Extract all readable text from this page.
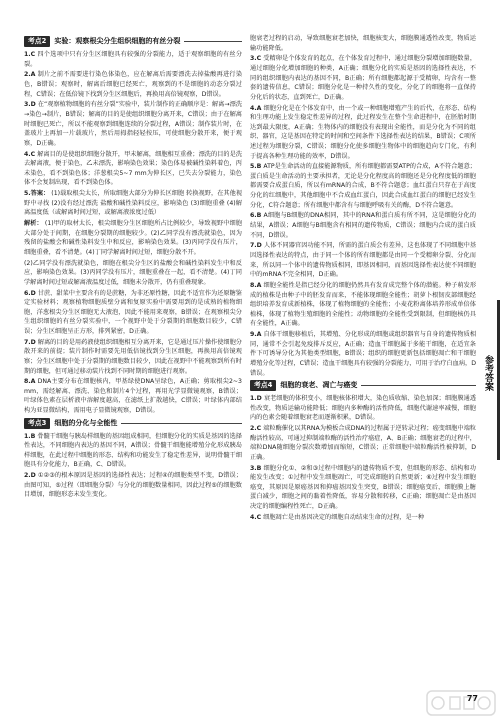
考点2	实验：观察根尖分生组织细胞的有丝分裂

1.C 四个选项中只有分生区细胞具有较强的分裂能力，适于观察细胞的有丝分裂。

2.A 制片之前不需要进行染色体染色，应在解离后需要漂洗去掉盐酸再进行染色，B错误；观察时，解离后细胞已经死亡，观察到的不是细胞的动态分裂过程，C错误；在低倍镜下找到分生区细胞后，再换用高倍镜观察，D错误。

3.D 在“观察植物细胞的有丝分裂”实验中，装片制作的正确顺序是：解离→漂洗→染色→制片，B错误；解离的目的是使组织细胞分离开来，C错误；由于在解离时细胞已死亡，所以不能观察到细胞连续的分裂过程，A错误；制作装片时，在盖玻片上再加一片载玻片，然后用拇指轻轻按压，可使细胞分散开来，便于观察，D正确。

4.C 解离目的是使组织细胞分散开，甲未解离，细胞相互重叠；漂洗的目的是洗去解离液，便于染色，乙未漂洗，影响染色效果；染色体易被碱性染料着色，丙未染色，看不到染色体；洋葱根尖5~7 mm为伸长区，已失去分裂能力，染色体不会复制出现，看不到染色体。

5.答案： (1)载取根尖太长，所取细胞大部分为伸长区细胞 转换视野，在其他视野中寻找 (2)没有经过漂洗 盐酸和碱性染料反应，影响染色 (3)细胞重叠 (4)解离温度低（或解离时间过短，或解离液浓度过低）

解析： (1)甲的取材太长，根尖细胞分生区细胞所占比例较少，导致视野中细胞大部分处于间期，在细胞分裂期的细胞较少。(2)乙同学没有漂洗就染色，因为残留的盐酸会和碱性染料发生中和反应，影响染色效果。(3)丙同学没有压片，细胞重叠，看不清楚。(4)丁同学解离时间过短，细胞分散不开。

(2)乙同学没有漂洗就染色，细胞在根尖分生区的盐酸会和碱性染料发生中和反应，影响染色效果。(3)丙同学没有压片，细胞重叠在一起，看不清楚。(4)丁同学解离时间过短或解离液温度过低，细胞未分散开，仍有重叠现象。

6.D 甘蔗、甜菜中主要含有的是蔗糖，为非还原性糖，因此不适宜作为还原糖鉴定实验材料；观察植物细胞质壁分离和复原实验中需要用到的是成熟的植物细胞，洋葱根尖分生区细胞无大液泡，因此不能用来观察，B错误；在观察根尖分生组织细胞的有丝分裂实验中，一个视野中处于分裂期的细胞数目较少，C错误；分生区细胞呈正方形，排列紧密，D正确。

7.D 解离的目的是用药液使组织细胞相互分离开来，它是通过压片操作使细胞分散开来的前提；装片制作时需要先用低倍镜找到分生区细胞，再换用高倍镜观察；分生区细胞中处于分裂期的细胞数目较少，因此在视野中不能观察到所有时期的细胞，但可通过移动装片找到不同时期的细胞进行观察。

8.A DNA主要分布在细胞核内，甲基绿使DNA呈绿色，A正确；剪取根尖2~3 mm，需经解离、漂洗、染色和制片4个过程，再用光学显微镜观察，B错误；叶绿体色素在层析液中溶解度越高，在滤纸上扩散越快，C错误；叶绿体内部结构为亚显微结构，需用电子显微镜观察，D错误。

考点3	细胞的分化与全能性

1.B 骨髓干细胞与胰岛样细胞的基因组成相同，但细胞分化的实质是基因的选择性表达，不同细胞内表达的基因不同，A错误；骨髓干细胞能增殖分化形成胰岛样细胞，在此过程中细胞的形态、结构和功能发生了稳定性差异，说明骨髓干细胞具有分化能力，B正确，C、D错误。

2.D ①②③的根本原因是基因的选择性表达；过程④的细胞类型不变，D错误；由图可知，⑤过程（即细胞分裂）与分化的细胞数量相同，因此过程⑤的细胞数目增加，细胞形态未发生变化。

胞衰老过程的启动，导致细胞衰老加快，细胞核变大，细胞膜通透性改变，物质运输功能降低。

3.C 受精卵是个体发育的起点，在个体发育过程中，通过细胞分裂增加细胞数量，通过细胞分化增加细胞的种类，A正确；细胞分化的实质是基因的选择性表达，不同的组织细胞内表达的基因不同，B正确；所有细胞都起源于受精卵，均含有一整套的遗传信息，C错误；细胞分化是一种持久性的变化，分化了的细胞将一直保持分化后的状态，直到死亡，D正确。

4.A 细胞分化是在个体发育中，由一个或一种细胞增殖产生的后代，在形态、结构和生理功能上发生稳定性差异的过程，此过程发生在整个生命进程中，在胚胎时期达到最大限度，A正确；生物体内的细胞没有表现出全能性，而是分化为不同的组织、器官，这是基因在特定的时间和空间条件下选择性表达的结果，B错误；C项所述过程为细胞分裂，C错误；细胞分化使多细胞生物体中的细胞趋向专门化，有利于提高各种生理功能的效率，D错误。

5.B ATP是生命活动的直接能源物质，所有细胞都需要ATP的合成，A不符合题意；蛋白质是生命活动的主要承担者，无论是分化程度高的细胞还是分化程度低的细胞都需要合成蛋白质，所以有mRNA的合成，B不符合题意；血红蛋白只存在于高度分化的红细胞中，其他细胞中不合成血红蛋白，因此合成血红蛋白的细胞已经发生分化，C符合题意；所有细胞中都含有与细胞呼吸有关的酶，D不符合题意。

6.B A细胞与B细胞的DNA相同，其中的RNA和蛋白质有所不同，这是细胞分化的结果，A错误；A细胞与B细胞含有相同的遗传物质，C错误；细胞内合成的蛋白质不同，D错误。

7.D 人体不同器官因功能不同，所需的蛋白质会有差异，这也体现了不同细胞中基因选择性表达的特点，由于同一个体的所有细胞都是由同一个受精卵分裂、分化而来，所以同一个体中的遗传物质相同，即基因相同，而基因选择性表达使不同细胞中的mRNA不完全相同，D正确。

8.A 细胞全能性是指已经分化的细胞仍然具有发育成完整个体的潜能。种子萌发形成的植株是由种子中的胚发育而来，不能体现细胞全能性；胡萝卜根韧皮部细胞经组织培养发育成新植株，体现了植物细胞的全能性；小麦花粉离体培养形成单倍体植株，体现了植物生殖细胞的全能性；动物细胞的全能性受到限制，但细胞核仍具有全能性，A正确。

9.A 自体干细胞移植后，其增殖、分化形成的细胞或组织器官与自身的遗传物质相同，通常不会引起免疫排斥反应，A正确；造血干细胞属于多能干细胞，在适宜条件下可诱导分化为其他类型细胞，B错误；组织的细胞更新包括细胞凋亡和干细胞增殖分化等过程，C错误；造血干细胞具有较强的分裂能力，可用于治疗白血病，D错误。

考点4	细胞的衰老、凋亡与癌变

1.D 衰老细胞的体积变小，细胞核体积增大，染色质收缩、染色加深；细胞膜通透性改变，物质运输功能降低；细胞内多种酶的活性降低，细胞代谢速率减慢，细胞内的色素会随着细胞衰老而逐渐积累，D错误。

2.C 端粒酶催化以其RNA为模板合成DNA的过程属于逆转录过程；癌变细胞中端粒酶活性较高，可通过抑制端粒酶的活性治疗癌症，A、B正确；细胞衰老的过程中，端粒DNA随细胞分裂次数增加而缩短，C错误；正常细胞中端粒酶活性被抑制，D正确。

3.B 细胞分化①、②和③过程中细胞内的遗传物质不变，但细胞的形态、结构和功能发生改变；①过程中发生细胞凋亡，可完成细胞的自然更新；⑥过程中发生细胞癌变，其原因是原癌基因和抑癌基因发生突变，B错误；细胞癌变后，细胞膜上糖蛋白减少，细胞之间的黏着性降低，容易分散和转移，C正确；细胞凋亡是由基因决定的细胞编程性死亡，D正确。

4.C 细胞凋亡是由基因决定的细胞自动结束生命的过程，是一种

参考答案
77
